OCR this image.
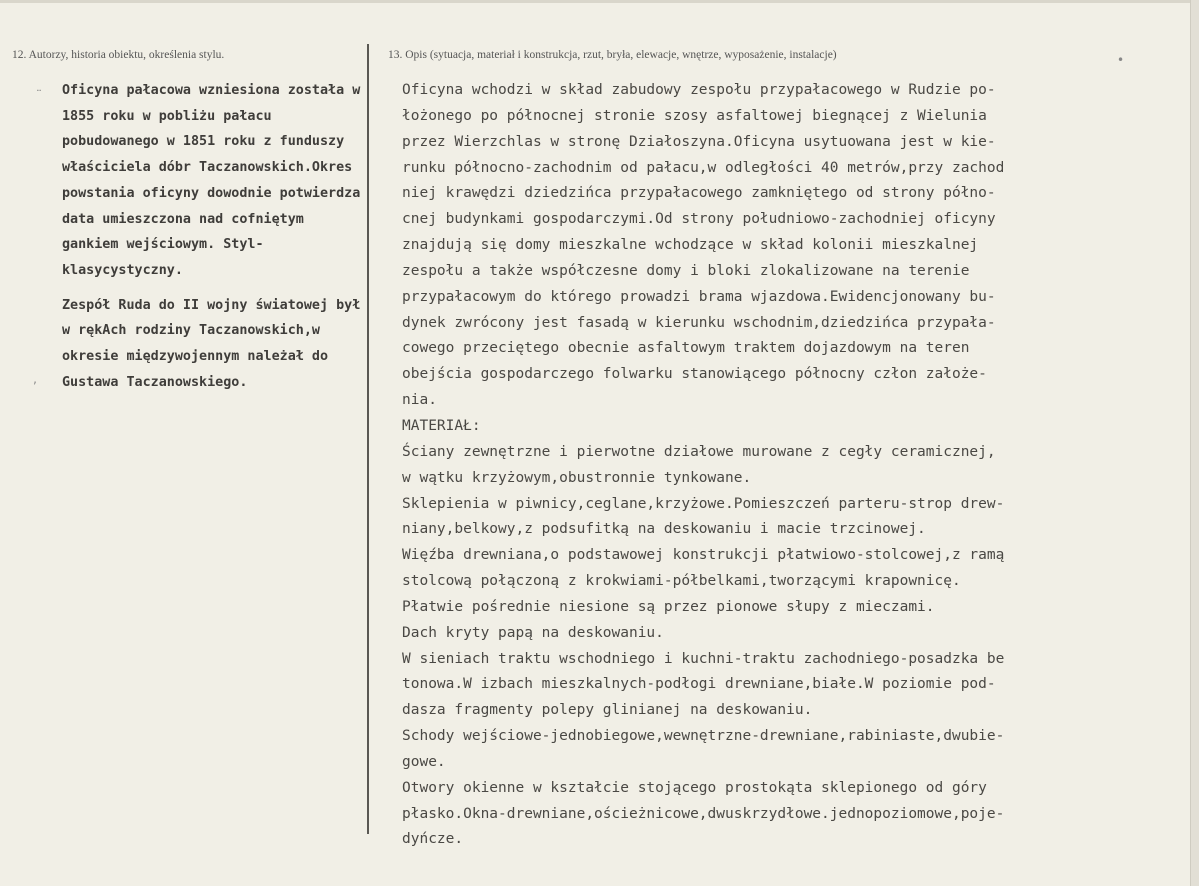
12. Autorzy, historia obiektu, określenia stylu.	13. Opis (sytuacja, materiał i konstrukcja, rzut, bryła, elewacje, wnętrze, wyposażenie, instalacje)
Oficyna pałacowa wzniesiona została w 1855 roku w pobliżu pałacu pobudowanego w 1851 roku z funduszy właściciela dóbr Taczanowskich.Okres powstania oficyny dowodnie potwierdza data umieszczona nad cofniętym gankiem wejściowym. Styl-klasycystyczny.
Zespół Ruda do II wojny światowej był w rękAch rodziny Taczanowskich,w okresie międzywojennym należał do Gustawa Taczanowskiego.
Oficyna wchodzi w skład zabudowy zespołu przypałacowego w Rudzie po-
łożonego po północnej stronie szosy asfaltowej biegnącej z Wielunia
przez Wierzchlas w stronę Działoszyna.Oficyna usytuowana jest w kie-
runku północno-zachodnim od pałacu,w odległości 40 metrów,przy zachod
niej krawędzi dziedzińca przypałacowego zamkniętego od strony półno-
cnej budynkami gospodarczymi.Od strony południowo-zachodniej oficyny
znajdują się domy mieszkalne wchodzące w skład kolonii mieszkalnej
zespołu a także współczesne domy i bloki zlokalizowane na terenie
przypałacowym do którego prowadzi brama wjazdowa.Ewidencjonowany bu-
dynek zwrócony jest fasadą w kierunku wschodnim,dziedzińca przypała-
cowego przeciętego obecnie asfaltowym traktem dojazdowym na teren
obejścia gospodarczego folwarku stanowiącego północny człon założe-
nia.
MATERIAŁ:
Ściany zewnętrzne i pierwotne działowe murowane z cegły ceramicznej,
w wątku krzyżowym,obustronnie tynkowane.
Sklepienia w piwnicy,ceglane,krzyżowe.Pomieszczeń parteru-strop drew-
niany,belkowy,z podsufitką na deskowaniu i macie trzcinowej.
Więźba drewniana,o podstawowej konstrukcji płatwiowo-stolcowej,z ramą
stolcową połączoną z krokwiami-półbelkami,tworzącymi krapownicę.
Płatwie pośrednie niesione są przez pionowe słupy z mieczami.
Dach kryty papą na deskowaniu.
W sieniach traktu wschodniego i kuchni-traktu zachodniego-posadzka be
tonowa.W izbach mieszkalnych-podłogi drewniane,białe.W poziomie pod-
dasza fragmenty polepy glinianej na deskowaniu.
Schody wejściowe-jednobiegowe,wewnętrzne-drewniane,rabiniaste,dwubie-
gowe.
Otwory okienne w kształcie stojącego prostokąta sklepionego od góry
płasko.Okna-drewniane,ościeżnicowe,dwuskrzydłowe.jednopoziomowe,poje-
dyńcze.
¨
‚
•
